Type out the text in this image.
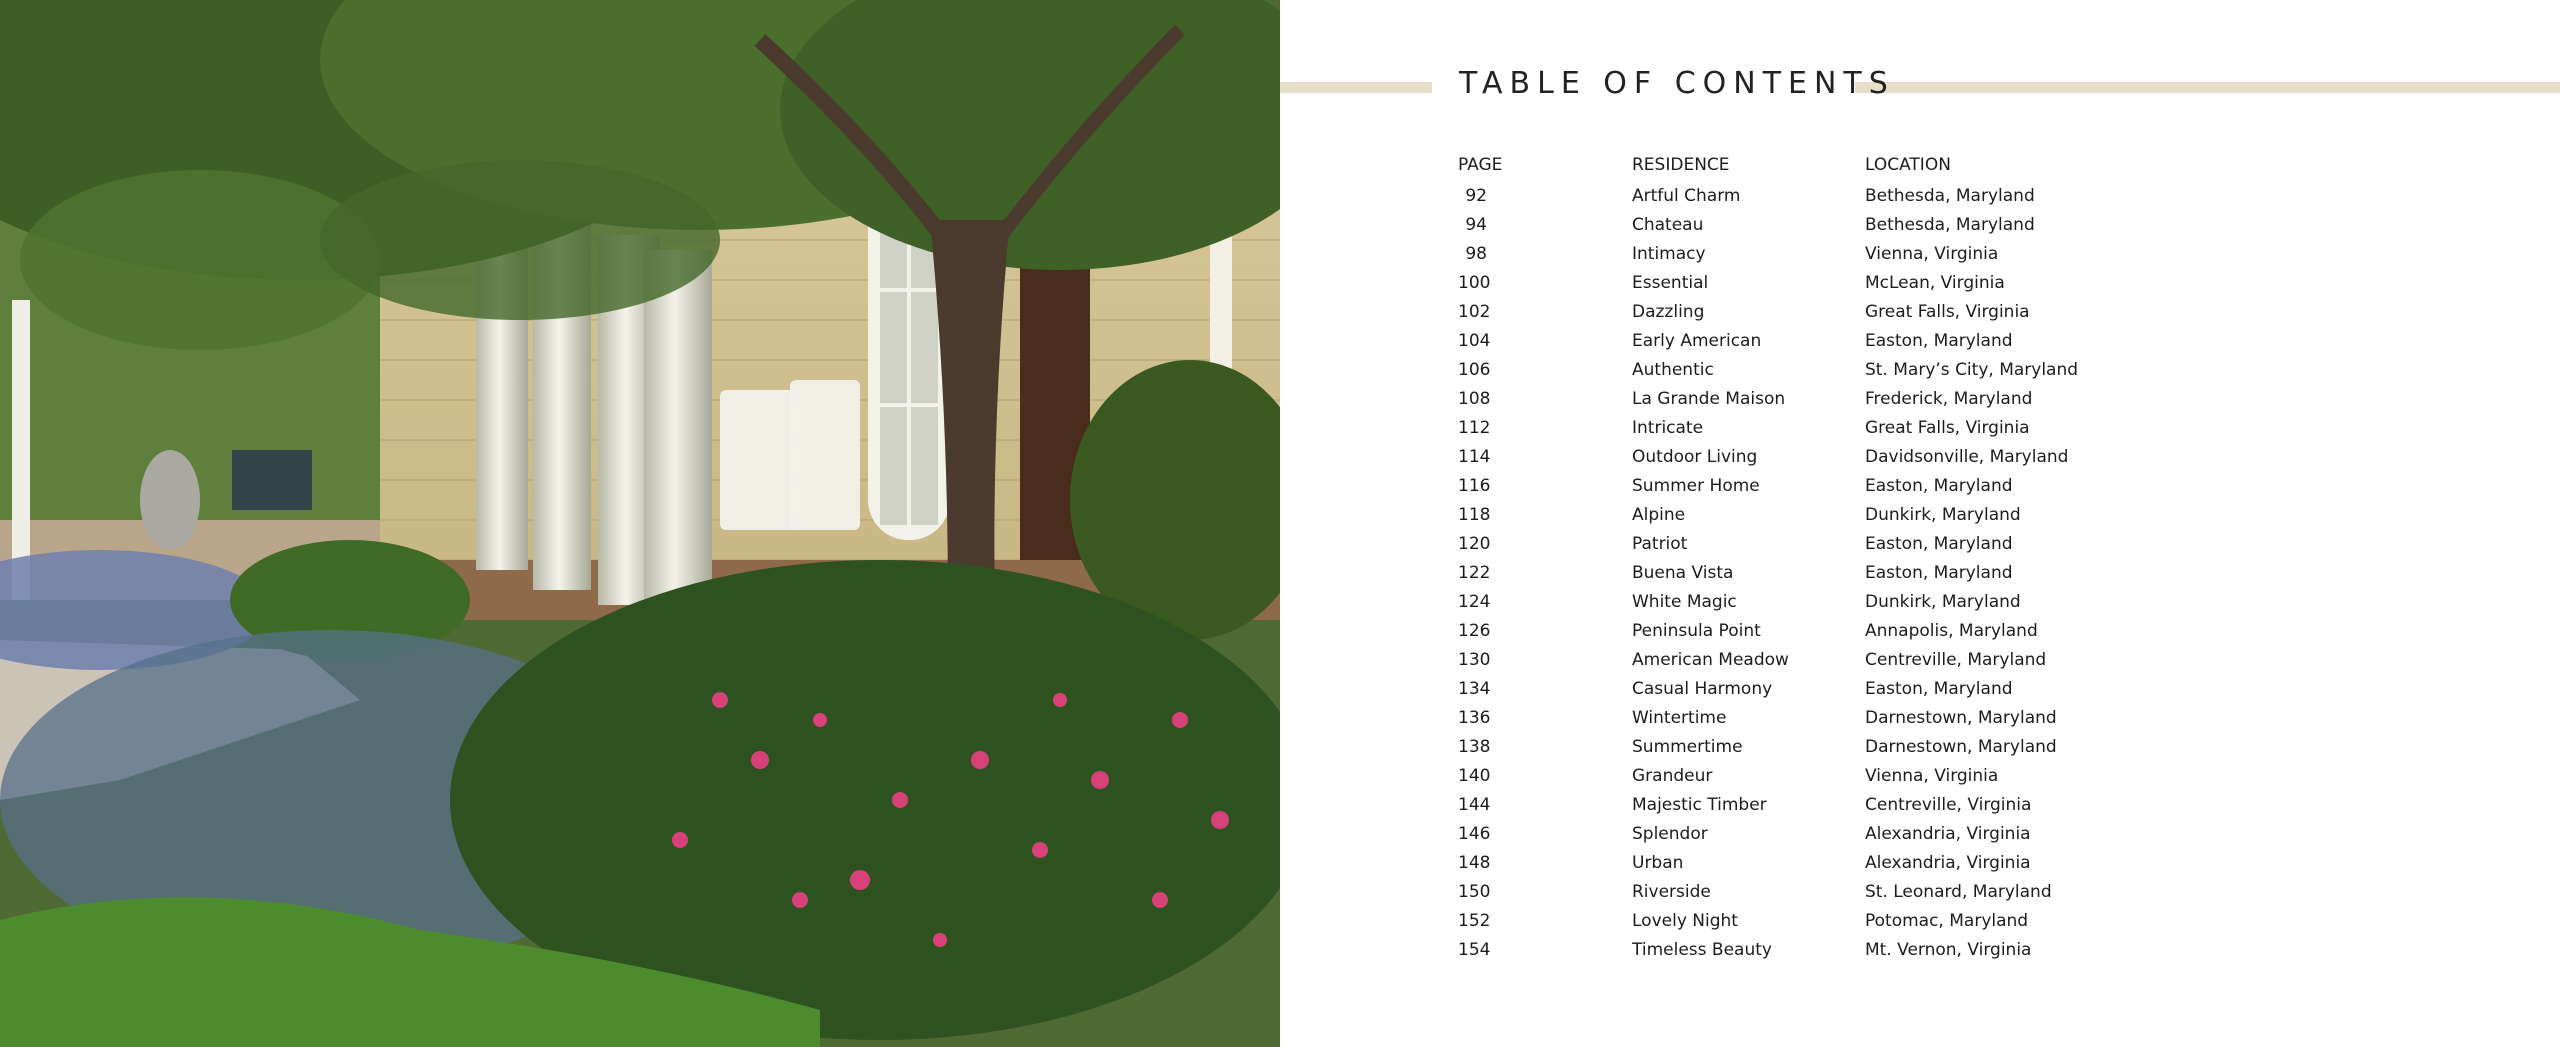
TABLE OF CONTENTS
PAGE	RESIDENCE	LOCATION
92	Artful Charm	Bethesda, Maryland
94	Chateau	Bethesda, Maryland
98	Intimacy	Vienna, Virginia
100	Essential	McLean, Virginia
102	Dazzling	Great Falls, Virginia
104	Early American	Easton, Maryland
106	Authentic	St. Mary’s City, Maryland
108	La Grande Maison	Frederick, Maryland
112	Intricate	Great Falls, Virginia
114	Outdoor Living	Davidsonville, Maryland
116	Summer Home	Easton, Maryland
118	Alpine	Dunkirk, Maryland
120	Patriot	Easton, Maryland
122	Buena Vista	Easton, Maryland
124	White Magic	Dunkirk, Maryland
126	Peninsula Point	Annapolis, Maryland
130	American Meadow	Centreville, Maryland
134	Casual Harmony	Easton, Maryland
136	Wintertime	Darnestown, Maryland
138	Summertime	Darnestown, Maryland
140	Grandeur	Vienna, Virginia
144	Majestic Timber	Centreville, Virginia
146	Splendor	Alexandria, Virginia
148	Urban	Alexandria, Virginia
150	Riverside	St. Leonard, Maryland
152	Lovely Night	Potomac, Maryland
154	Timeless Beauty	Mt. Vernon, Virginia
